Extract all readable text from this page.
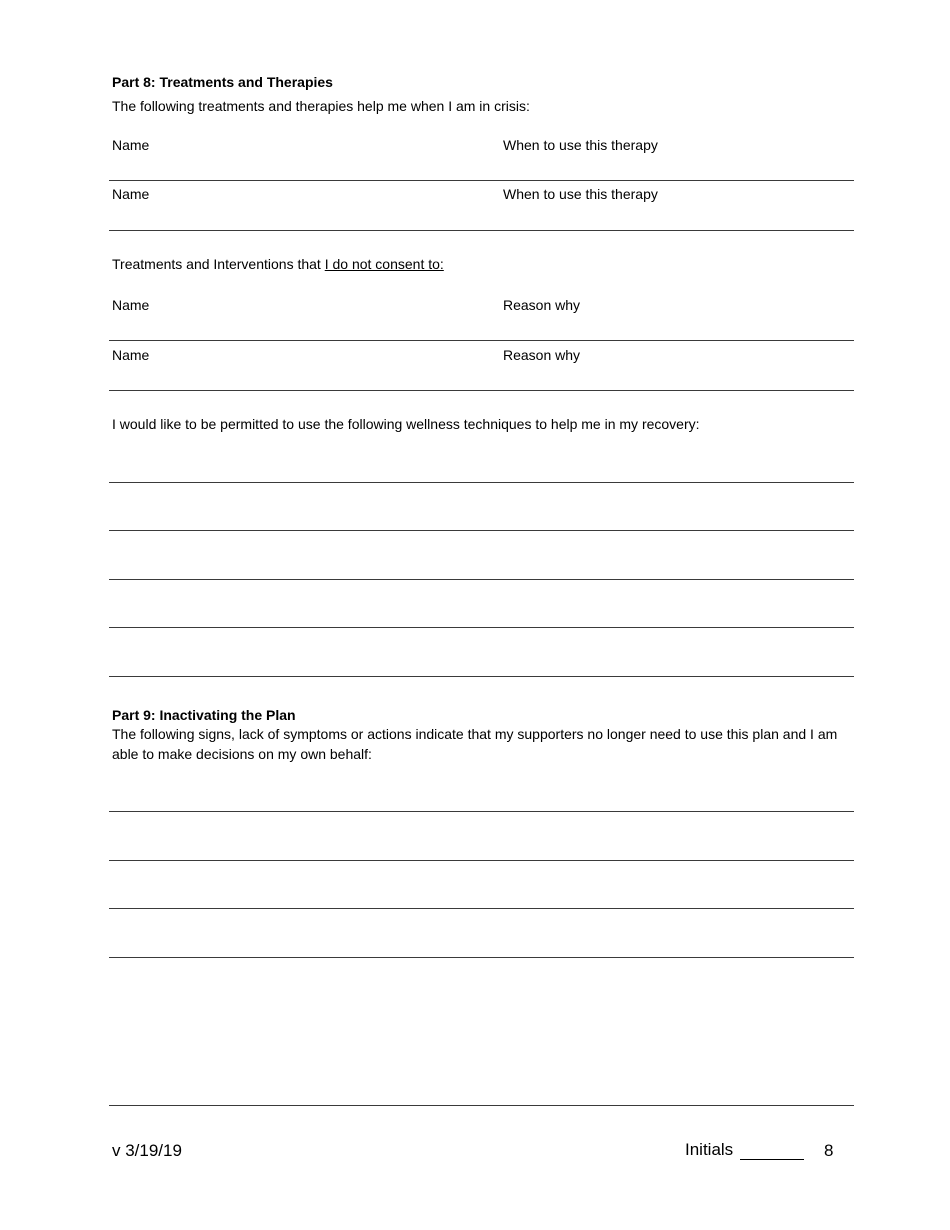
Part 8: Treatments and Therapies
The following treatments and therapies help me when I am in crisis:
Name	When to use this therapy
Name	When to use this therapy
Treatments and Interventions that I do not consent to:
Name	Reason why
Name	Reason why
I would like to be permitted to use the following wellness techniques to help me in my recovery:
Part 9: Inactivating the Plan
The following signs, lack of symptoms or actions indicate that my supporters no longer need to use this plan and I am able to make decisions on my own behalf:
v 3/19/19	Initials	8
